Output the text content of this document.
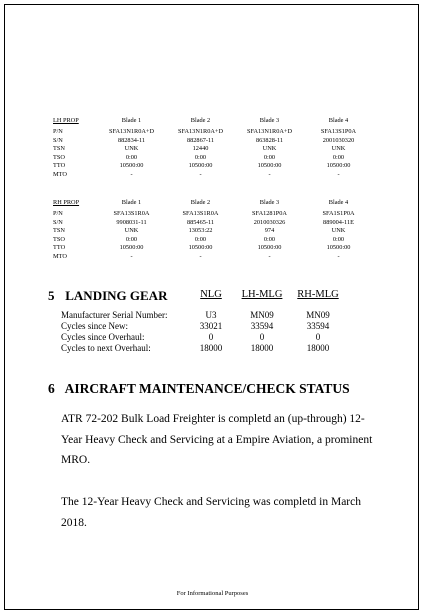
LH PROP	Blade 1	Blade 2	Blade 3	Blade 4
P/N	SFA13N1R0A+D	SFA13N1R0A+D	SFA13N1R0A+D	SFA13S1P0A
S/N	882834-11	882867-11	863828-11	2001030320
TSN	UNK	12440	UNK	UNK
TSO	0:00	0:00	0:00	0:00
TTO	10500:00	10500:00	10500:00	10500:00
MTO	-	-	-	-
RH PROP	Blade 1	Blade 2	Blade 3	Blade 4
P/N	SFA13S1R0A	SFA13S1R0A	SFA1281P0A	SFA1S1P0A
S/N	9908031-11	885465-11	2010030326	889004-11E
TSN	UNK	13053:22	974	UNK
TSO	0:00	0:00	0:00	0:00
TTO	10500:00	10500:00	10500:00	10500:00
MTO	-	-	-	-
5 LANDING GEAR	NLG	LH-MLG	RH-MLG
Manufacturer Serial Number:	U3	MN09	MN09
Cycles since New:	33021	33594	33594
Cycles since Overhaul:	0	0	0
Cycles to next Overhaul:	18000	18000	18000
6 AIRCRAFT MAINTENANCE/CHECK STATUS
ATR 72-202 Bulk Load Freighter is completd an (up-through) 12-Year Heavy Check and Servicing at a Empire Aviation, a prominent MRO.
The 12-Year Heavy Check and Servicing was completd in March 2018.
For Informational Purposes
